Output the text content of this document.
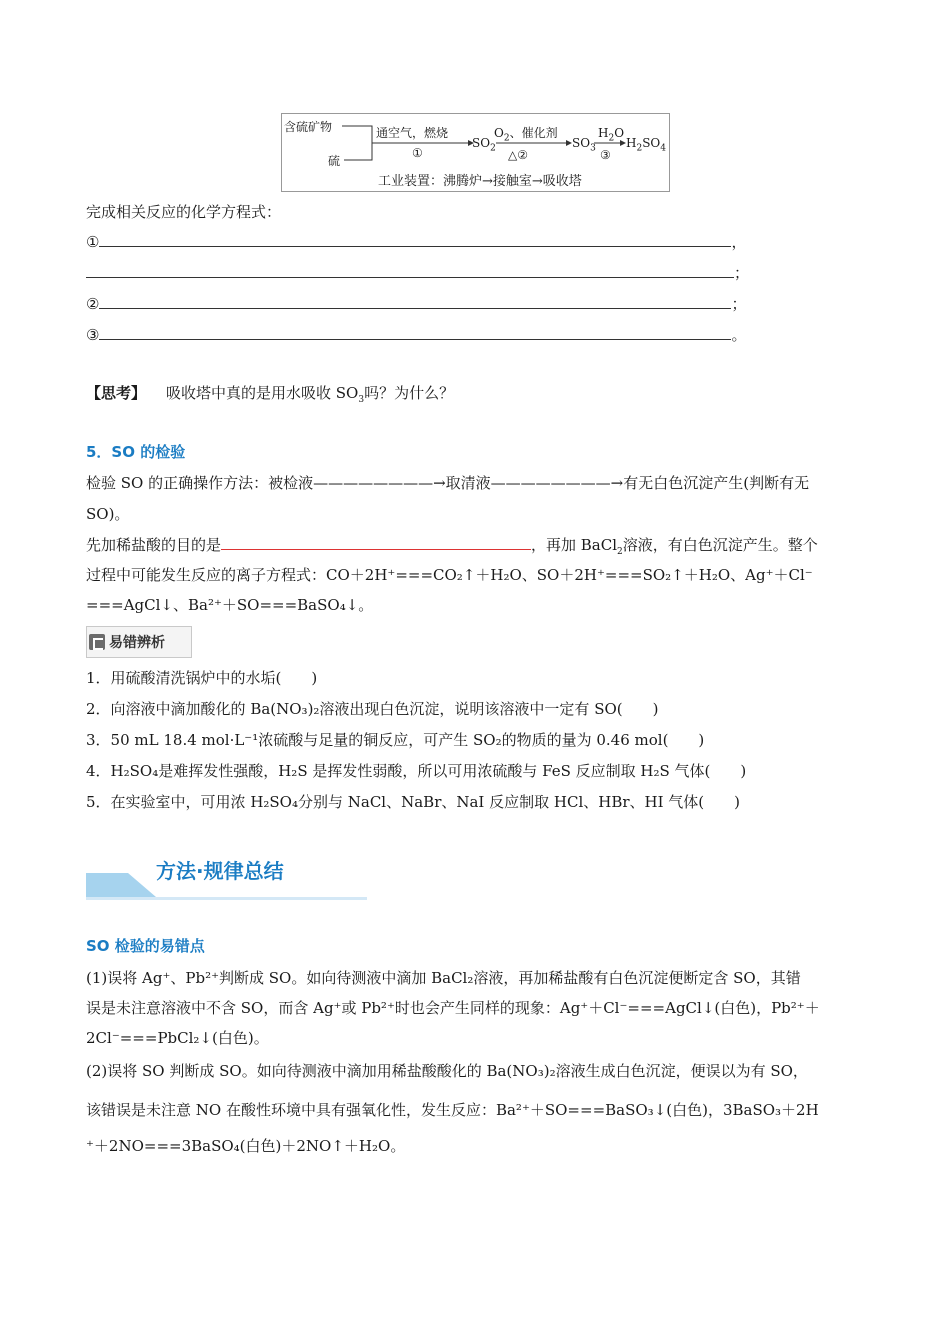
含硫矿物
硫
通空气，燃烧
①
$SO_2$
$O_2$、催化剂
△②
$SO_3$
$H_2O$
③
$H_2SO_4$
工业装置：沸腾炉→接触室→吸收塔
完成相关反应的化学方程式：
①	，
；
②	；
③	。
【思考】 吸收塔中真的是用水吸收 $SO_3$吗？为什么？
5．SO 的检验
检验 SO 的正确操作方法：被检液————————→取清液————————→有无白色沉淀产生(判断有无
SO)。
先加稀盐酸的目的是	，再加 BaCl$_2$溶液，有白色沉淀产生。整个
过程中可能发生反应的离子方程式：CO＋2H⁺===CO₂↑＋H₂O、SO＋2H⁺===SO₂↑＋H₂O、Ag⁺＋Cl⁻
===AgCl↓、Ba²⁺＋SO===BaSO₄↓。
易错辨析
1．用硫酸清洗锅炉中的水垢(　　)
2．向溶液中滴加酸化的 Ba(NO₃)₂溶液出现白色沉淀，说明该溶液中一定有 SO(　　)
3．50 mL 18.4 mol·L⁻¹浓硫酸与足量的铜反应，可产生 SO₂的物质的量为 0.46 mol(　　)
4．H₂SO₄是难挥发性强酸，H₂S 是挥发性弱酸，所以可用浓硫酸与 FeS 反应制取 H₂S 气体(　　)
5．在实验室中，可用浓 H₂SO₄分别与 NaCl、NaBr、NaI 反应制取 HCl、HBr、HI 气体(　　)
方法·规律总结
SO 检验的易错点
(1)误将 Ag⁺、Pb²⁺判断成 SO。如向待测液中滴加 BaCl₂溶液，再加稀盐酸有白色沉淀便断定含 SO，其错
误是未注意溶液中不含 SO，而含 Ag⁺或 Pb²⁺时也会产生同样的现象：Ag⁺＋Cl⁻===AgCl↓(白色)，Pb²⁺＋
2Cl⁻===PbCl₂↓(白色)。
(2)误将 SO 判断成 SO。如向待测液中滴加用稀盐酸酸化的 Ba(NO₃)₂溶液生成白色沉淀，便误以为有 SO，
该错误是未注意 NO 在酸性环境中具有强氧化性，发生反应：Ba²⁺＋SO===BaSO₃↓(白色)，3BaSO₃＋2H
⁺＋2NO===3BaSO₄(白色)＋2NO↑＋H₂O。
